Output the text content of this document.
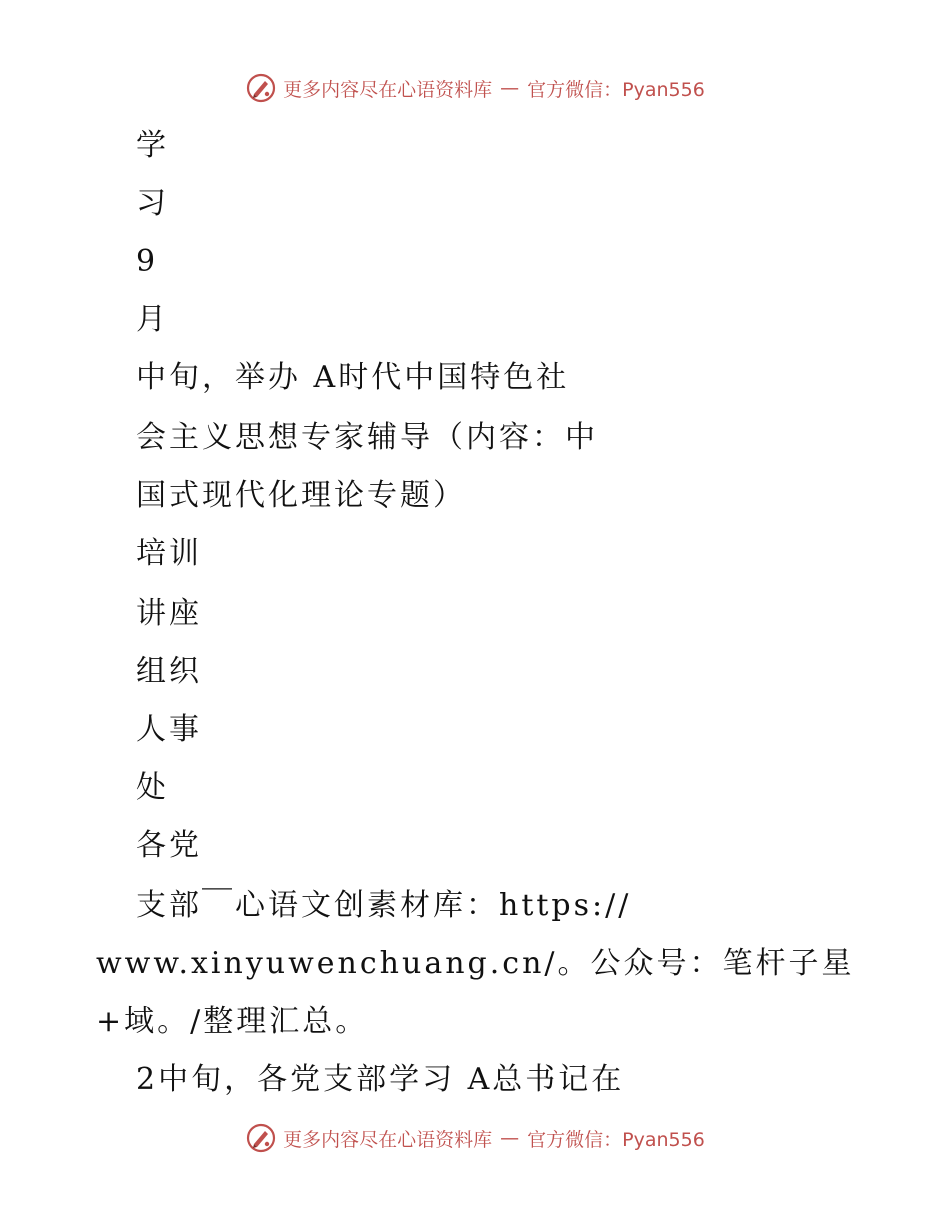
更多内容尽在心语资料库 — 官方微信：Pyan556
学
习
9
月
中旬，举办 A时代中国特色社
会主义思想专家辅导（内容：中
国式现代化理论专题）
培训
讲座
组织
人事
处
各党
支部￣心语文创素材库：https://
www.xinyuwenchuang.cn/。公众号：笔杆子星
+域。/整理汇总。
2中旬，各党支部学习 A总书记在
更多内容尽在心语资料库 — 官方微信：Pyan556
